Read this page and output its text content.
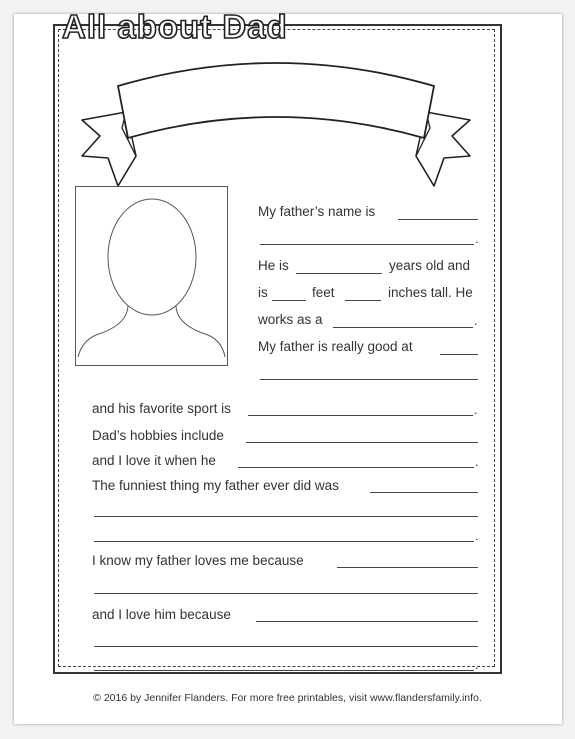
All about Dad
My father’s name is
.
He is	years old and
is	feet	inches tall. He
works as a	.
My father is really good at
and his favorite sport is	.
Dad’s hobbies include
and I love it when he	.
The funniest thing my father ever did was
.
I know my father loves me because
and I love him because
.
© 2016 by Jennifer Flanders. For more free printables, visit www.flandersfamily.info.
